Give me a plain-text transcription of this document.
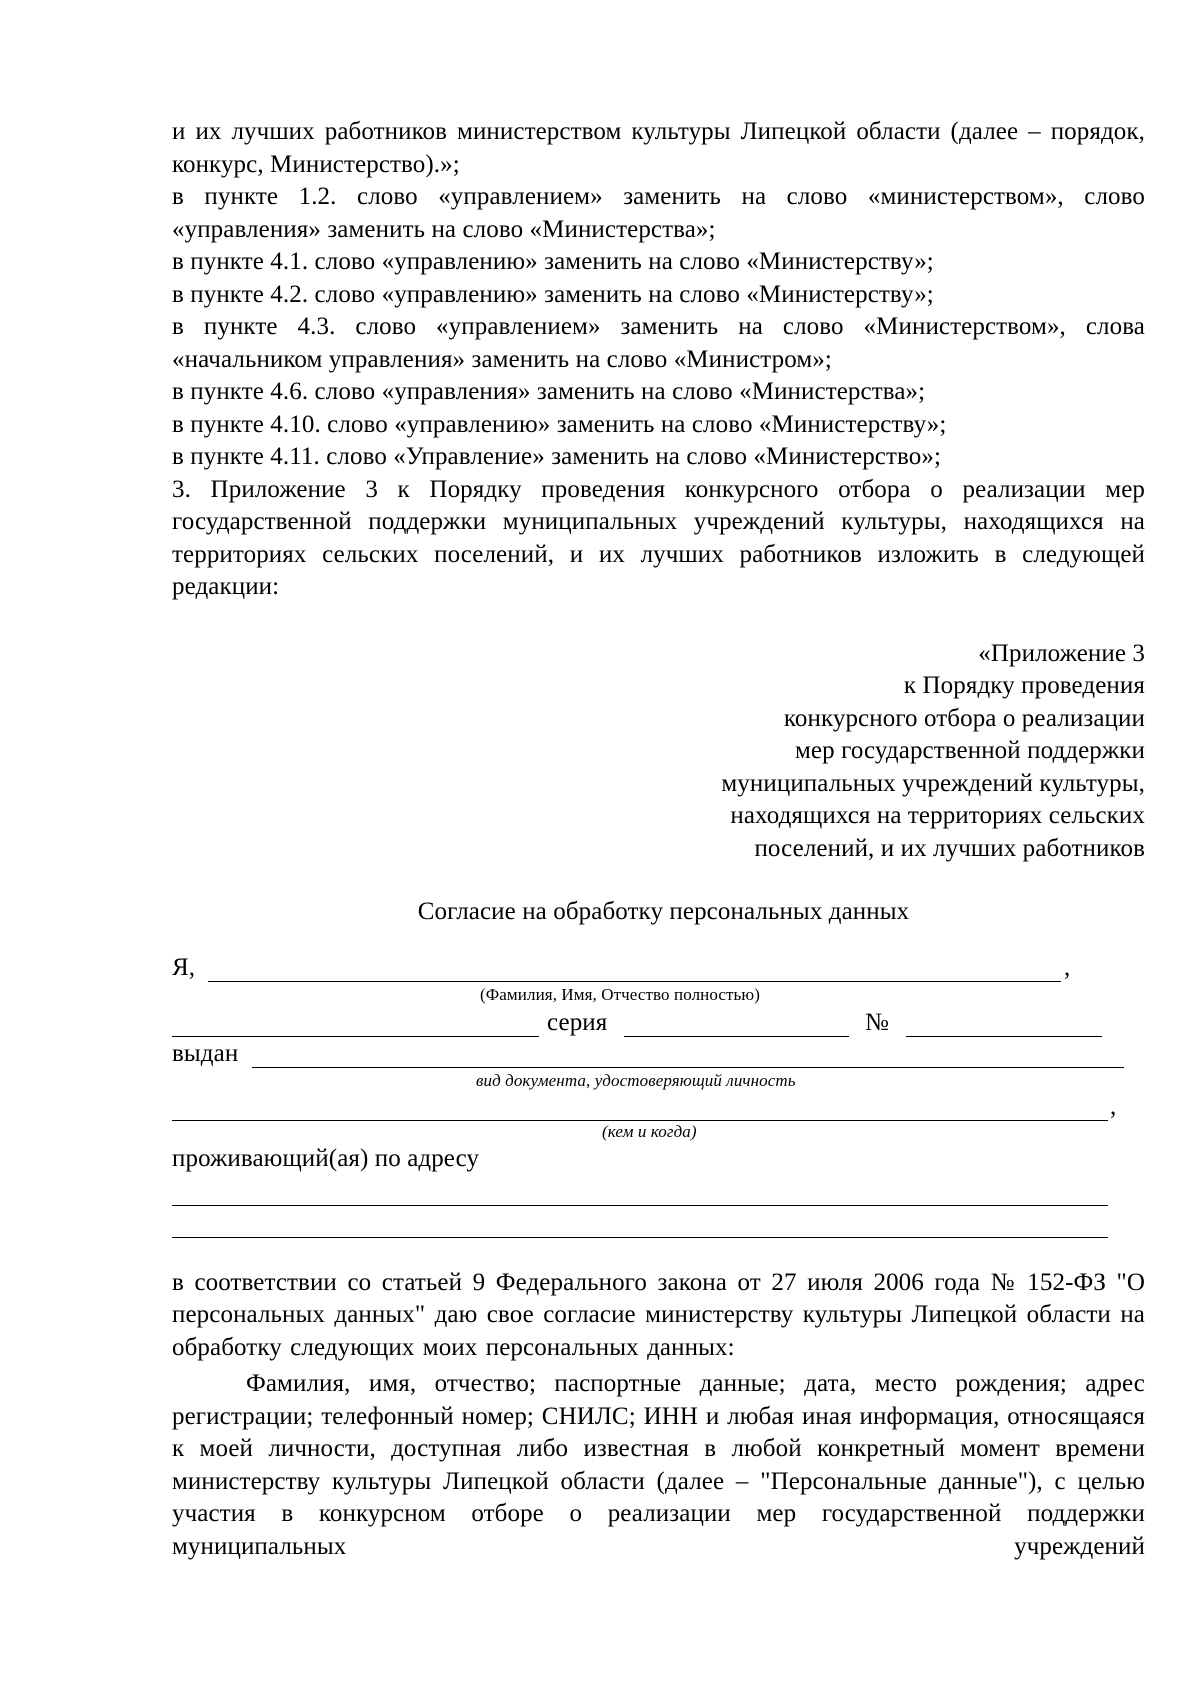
и их лучших работников министерством культуры Липецкой области (далее – порядок, конкурс, Министерство).»;
в пункте 1.2. слово «управлением» заменить на слово «министерством», слово «управления» заменить на слово «Министерства»;
в пункте 4.1. слово «управлению» заменить на слово «Министерству»;
в пункте 4.2. слово «управлению» заменить на слово «Министерству»;
в пункте 4.3. слово «управлением» заменить на слово «Министерством», слова «начальником управления» заменить на слово «Министром»;
в пункте 4.6. слово «управления» заменить на слово «Министерства»;
в пункте 4.10. слово «управлению» заменить на слово «Министерству»;
в пункте 4.11. слово «Управление» заменить на слово «Министерство»;
3. Приложение 3 к Порядку проведения конкурсного отбора о реализации мер государственной поддержки муниципальных учреждений культуры, находящихся на территориях сельских поселений, и их лучших работников изложить в следующей редакции:
«Приложение 3
к Порядку проведения
конкурсного отбора о реализации
мер государственной поддержки
муниципальных учреждений культуры,
находящихся на территориях сельских
поселений, и их лучших работников
Согласие на обработку персональных данных
Я,	,
(Фамилия, Имя, Отчество полностью)
серия	№
выдан
вид документа, удостоверяющий личность
,
(кем и когда)
проживающий(ая) по адресу
в соответствии со статьей 9 Федерального закона от 27 июля 2006 года № 152-ФЗ "О персональных данных" даю свое согласие министерству культуры Липецкой области на обработку следующих моих персональных данных:
Фамилия, имя, отчество; паспортные данные; дата, место рождения; адрес регистрации; телефонный номер; СНИЛС; ИНН и любая иная информация, относящаяся к моей личности, доступная либо известная в любой конкретный момент времени министерству культуры Липецкой области (далее – "Персональные данные"), с целью участия в конкурсном отборе о реализации мер государственной поддержки муниципальных учреждений
